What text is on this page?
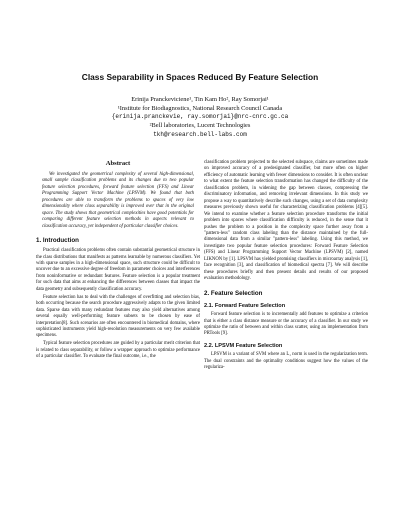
Class Separability in Spaces Reduced By Feature Selection
Erinija Pranckeviciene¹, Tin Kam Ho², Ray Somorjai¹
¹Institute for Biodiagnostics, National Research Council Canada
{erinija.pranckevie, ray.somorjai}@nrc-cnrc.gc.ca
²Bell laboratories, Lucent Technologies
tkh@research.bell-labs.com
Abstract

We investigated the geometrical complexity of several high-dimensional, small sample classification problems and its changes due to two popular feature selection procedures, forward feature selection (FFS) and Linear Programming Support Vector Machine (LPSVM). We found that both procedures are able to transform the problems to spaces of very low dimensionality where class separability is improved over that in the original space. The study shows that geometrical complexities have good potentials for comparing different feature selection methods in aspects relevant to classification accuracy, yet independent of particular classifier choices.

1. Introduction

Practical classification problems often contain substantial geometrical structure in the class distributions that manifests as patterns learnable by numerous classifiers. Yet with sparse samples in a high-dimensional space, such structure could be difficult to uncover due to an excessive degree of freedom in parameter choices and interferences from noninformative or redundant features. Feature selection is a popular treatment for such data that aims at enhancing the differences between classes that impact the data geometry and subsequently classification accuracy.

Feature selection has to deal with the challenges of overfitting and selection bias, both occurring because the search procedure aggressively adapts to the given limited data. Sparse data with many redundant features may also yield alternatives among several equally well-performing feature subsets to be chosen by ease of interpretation[8]. Such scenarios are often encountered in biomedical domains, where sophisticated instruments yield high-resolution measurements on very few available specimens.

Typical feature selection procedures are guided by a particular merit criterion that is related to class separability, or follow a wrapper approach to optimize performance of a particular classifier. To evaluate the final outcome, i.e., the

classification problem projected to the selected subspace, claims are sometimes made on improved accuracy of a predesignated classifier, but more often on higher efficiency of automatic learning with fewer dimensions to consider. It is often unclear to what extent the feature selection transformation has changed the difficulty of the classification problem, in widening the gap between classes, compressing the discriminatory information, and removing irrelevant dimensions. In this study we propose a way to quantitatively describe such changes, using a set of data complexity measures previously shown useful for characterizing classification problems [4][5]. We intend to examine whether a feature selection procedure transforms the initial problem into spaces where classification difficulty is reduced, in the sense that it pushes the problem to a position in the complexity space further away from a "pattern-less" random class labeling than the distance maintained by the full-dimensional data from a similar "pattern-less" labeling. Using this method, we investigate two popular feature selection procedures: Forward Feature Selection (FFS) and Linear Programming Support Vector Machine (LPSVM) [2], named LIKNON by [1]. LPSVM has yielded promising classifiers in microarray analysis [1], face recognition [3], and classification of biomedical spectra [7]. We will describe these procedures briefly and then present details and results of our proposed evaluation methodology.

2. Feature Selection
2.1. Forward Feature Selection

Forward feature selection is to incrementally add features to optimize a criterion that is either a class distance measure or the accuracy of a classifier. In our study we optimize the ratio of between and within class scatter, using an implementation from PRTools [9].

2.2. LPSVM Feature Selection

LPSVM is a variant of SVM where an L₁ norm is used in the regularization term. The dual constraints and the optimality conditions suggest how the values of the regulariza-
